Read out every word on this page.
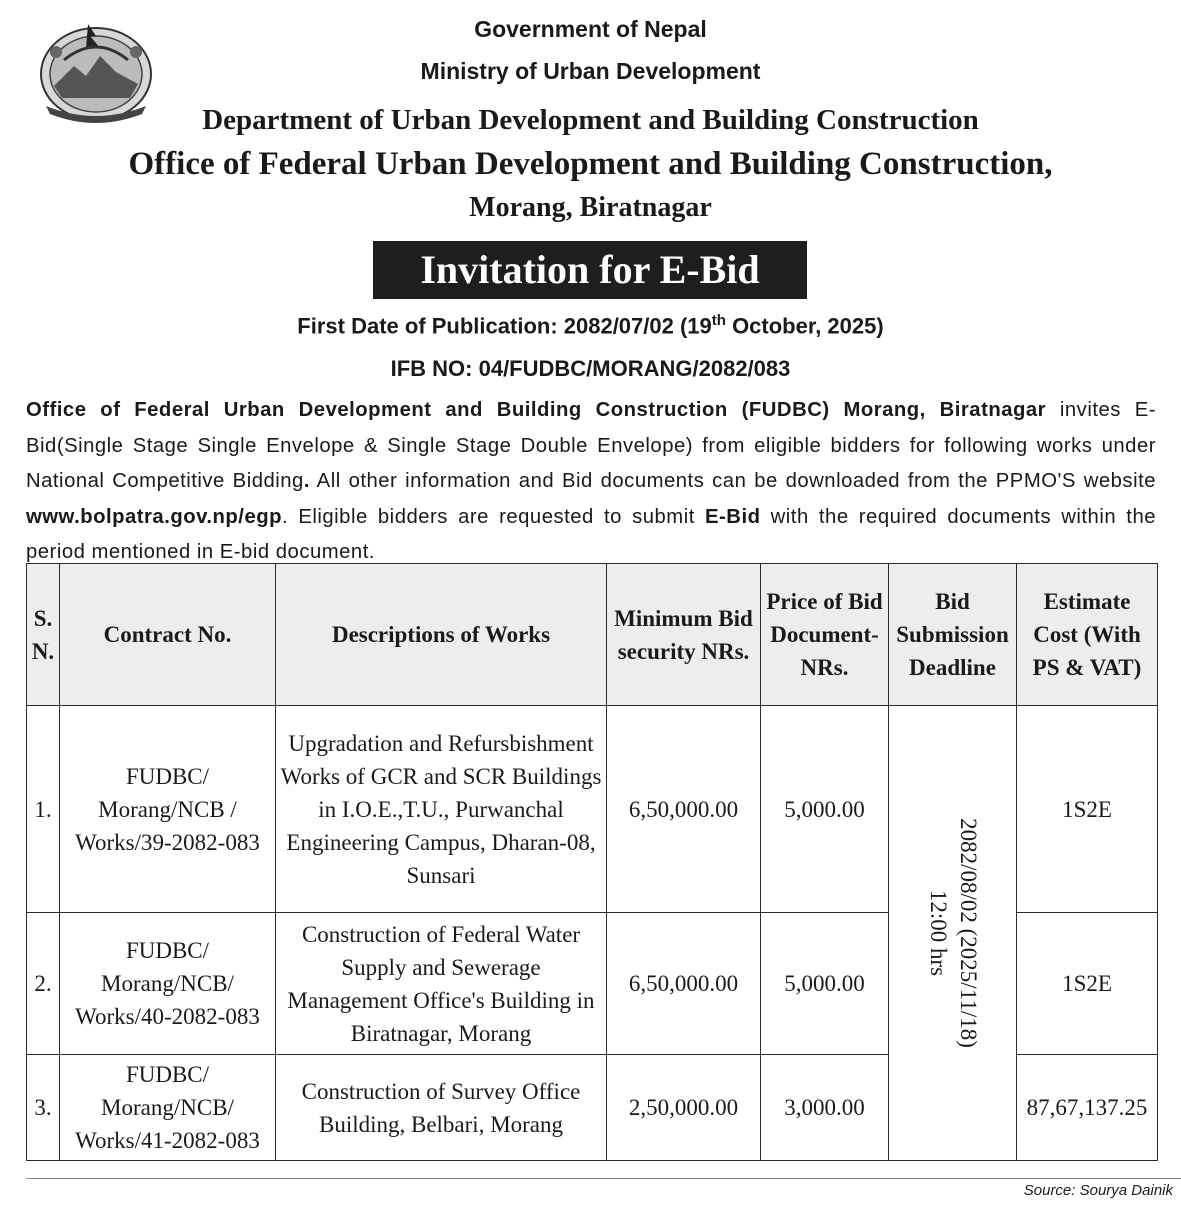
Government of Nepal
Ministry of Urban Development
Department of Urban Development and Building Construction
Office of Federal Urban Development and Building Construction,
Morang, Biratnagar
Invitation for E-Bid
First Date of Publication: 2082/07/02 (19th October, 2025)
IFB NO: 04/FUDBC/MORANG/2082/083
Office of Federal Urban Development and Building Construction (FUDBC) Morang, Biratnagar invites E-Bid(Single Stage Single Envelope & Single Stage Double Envelope) from eligible bidders for following works under National Competitive Bidding. All other information and Bid documents can be downloaded from the PPMO'S website www.bolpatra.gov.np/egp. Eligible bidders are requested to submit E-Bid with the required documents within the period mentioned in E-bid document.
S. N.	Contract No.	Descriptions of Works	Minimum Bid security NRs.	Price of Bid Document-NRs.	Bid Submission Deadline	Estimate Cost (With PS & VAT)
1.	FUDBC/ Morang/NCB / Works/39-2082-083	Upgradation and Refursbishment Works of GCR and SCR Buildings in I.O.E.,T.U., Purwanchal Engineering Campus, Dharan-08, Sunsari	6,50,000.00	5,000.00	2082/08/02 (2025/11/18)
12:00 hrs	1S2E
2.	FUDBC/ Morang/NCB/ Works/40-2082-083	Construction of Federal Water Supply and Sewerage Management Office's Building in Biratnagar, Morang	6,50,000.00	5,000.00		1S2E
3.	FUDBC/ Morang/NCB/ Works/41-2082-083	Construction of Survey Office Building, Belbari, Morang	2,50,000.00	3,000.00		87,67,137.25
Source: Sourya Dainik
